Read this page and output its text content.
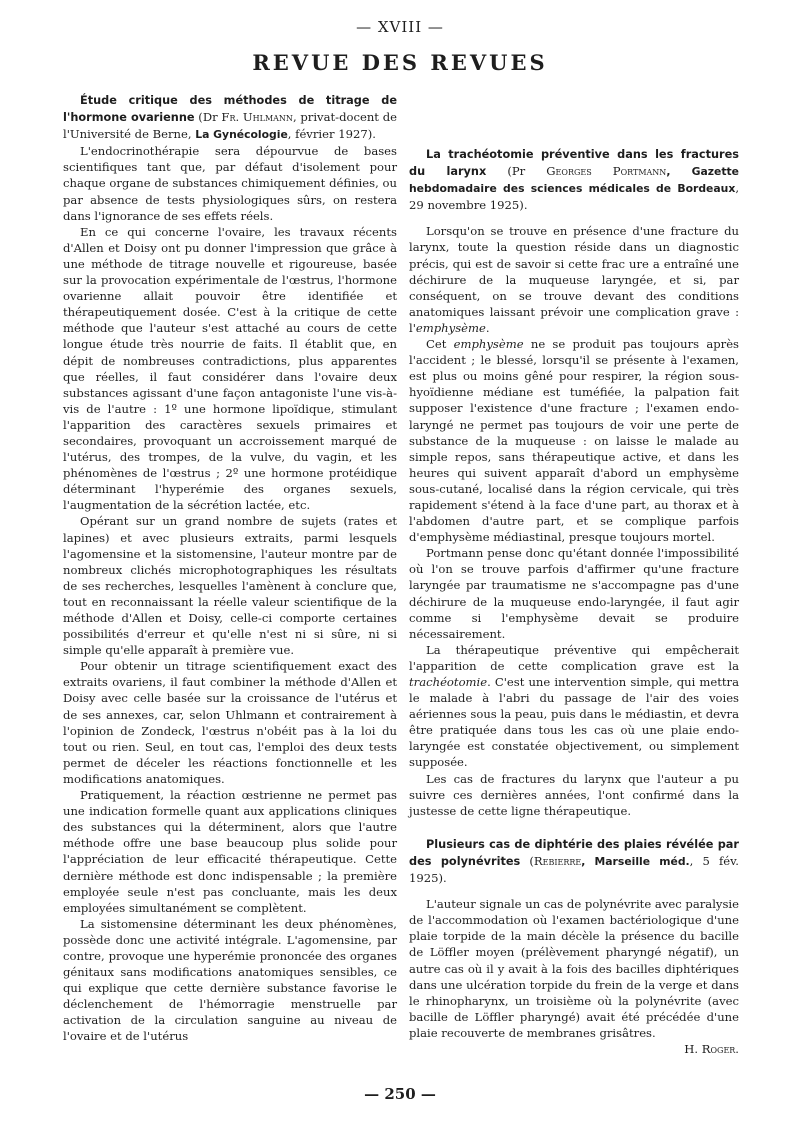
— XVIII —
REVUE DES REVUES

Étude critique des méthodes de titrage de l'hormone ovarienne (Dr Fr. Uhlmann, privat-docent de l'Université de Berne, La Gynécologie, février 1927).

L'endocrinothérapie sera dépourvue de bases scientifiques tant que, par défaut d'isolement pour chaque organe de substances chimiquement définies, ou par absence de tests physiologiques sûrs, on restera dans l'ignorance de ses effets réels.

En ce qui concerne l'ovaire, les travaux récents d'Allen et Doisy ont pu donner l'impression que grâce à une méthode de titrage nouvelle et rigoureuse, basée sur la provocation expérimentale de l'œstrus, l'hormone ovarienne allait pouvoir être identifiée et thérapeutiquement dosée. C'est à la critique de cette méthode que l'auteur s'est attaché au cours de cette longue étude très nourrie de faits. Il établit que, en dépit de nombreuses contradictions, plus apparentes que réelles, il faut considérer dans l'ovaire deux substances agissant d'une façon antagoniste l'une vis-à-vis de l'autre : 1º une hormone lipoïdique, stimulant l'apparition des caractères sexuels primaires et secondaires, provoquant un accroissement marqué de l'utérus, des trompes, de la vulve, du vagin, et les phénomènes de l'œstrus ; 2º une hormone protéidique déterminant l'hyperémie des organes sexuels, l'augmentation de la sécrétion lactée, etc.

Opérant sur un grand nombre de sujets (rates et lapines) et avec plusieurs extraits, parmi lesquels l'agomensine et la sistomensine, l'auteur montre par de nombreux clichés microphotographiques les résultats de ses recherches, lesquelles l'amènent à conclure que, tout en reconnaissant la réelle valeur scientifique de la méthode d'Allen et Doisy, celle-ci comporte certaines possibilités d'erreur et qu'elle n'est ni si sûre, ni si simple qu'elle apparaît à première vue.

Pour obtenir un titrage scientifiquement exact des extraits ovariens, il faut combiner la méthode d'Allen et Doisy avec celle basée sur la croissance de l'utérus et de ses annexes, car, selon Uhlmann et contrairement à l'opinion de Zondeck, l'œstrus n'obéit pas à la loi du tout ou rien. Seul, en tout cas, l'emploi des deux tests permet de déceler les réactions fonctionnelle et les modifications anatomiques.

Pratiquement, la réaction œstrienne ne permet pas une indication formelle quant aux applications cliniques des substances qui la déterminent, alors que l'autre méthode offre une base beaucoup plus solide pour l'appréciation de leur efficacité thérapeutique. Cette dernière méthode est donc indispensable ; la première employée seule n'est pas concluante, mais les deux employées simultanément se complètent.

La sistomensine déterminant les deux phénomènes, possède donc une activité intégrale. L'agomensine, par contre, provoque une hyperémie prononcée des organes génitaux sans modifications anatomiques sensibles, ce qui explique que cette dernière substance favorise le déclenchement de l'hémorragie menstruelle par activation de la circulation sanguine au niveau de l'ovaire et de l'utérus

La trachéotomie préventive dans les fractures du larynx (Pr Georges Portmann, Gazette hebdomadaire des sciences médicales de Bordeaux, 29 novembre 1925).

Lorsqu'on se trouve en présence d'une fracture du larynx, toute la question réside dans un diagnostic précis, qui est de savoir si cette frac ure a entraîné une déchirure de la muqueuse laryngée, et si, par conséquent, on se trouve devant des conditions anatomiques laissant prévoir une complication grave : l'emphysème.

Cet emphysème ne se produit pas toujours après l'accident ; le blessé, lorsqu'il se présente à l'examen, est plus ou moins gêné pour respirer, la région sous-hyoïdienne médiane est tuméfiée, la palpation fait supposer l'existence d'une fracture ; l'examen endo-laryngé ne permet pas toujours de voir une perte de substance de la muqueuse : on laisse le malade au simple repos, sans thérapeutique active, et dans les heures qui suivent apparaît d'abord un emphysème sous-cutané, localisé dans la région cervicale, qui très rapidement s'étend à la face d'une part, au thorax et à l'abdomen d'autre part, et se complique parfois d'emphysème médiastinal, presque toujours mortel.

Portmann pense donc qu'étant donnée l'impossibilité où l'on se trouve parfois d'affirmer qu'une fracture laryngée par traumatisme ne s'accompagne pas d'une déchirure de la muqueuse endo-laryngée, il faut agir comme si l'emphysème devait se produire nécessairement.

La thérapeutique préventive qui empêcherait l'apparition de cette complication grave est la trachéotomie. C'est une intervention simple, qui mettra le malade à l'abri du passage de l'air des voies aériennes sous la peau, puis dans le médiastin, et devra être pratiquée dans tous les cas où une plaie endo-laryngée est constatée objectivement, ou simplement supposée.

Les cas de fractures du larynx que l'auteur a pu suivre ces dernières années, l'ont confirmé dans la justesse de cette ligne thérapeutique.

Plusieurs cas de diphtérie des plaies révélée par des polynévrites (Rebierre, Marseille méd., 5 fév. 1925).

L'auteur signale un cas de polynévrite avec paralysie de l'accommodation où l'examen bactériologique d'une plaie torpide de la main décèle la présence du bacille de Löffler moyen (prélèvement pharyngé négatif), un autre cas où il y avait à la fois des bacilles diphtériques dans une ulcération torpide du frein de la verge et dans le rhinopharynx, un troisième où la polynévrite (avec bacille de Löffler pharyngé) avait été précédée d'une plaie recouverte de membranes grisâtres.

H. Roger.

— 250 —
